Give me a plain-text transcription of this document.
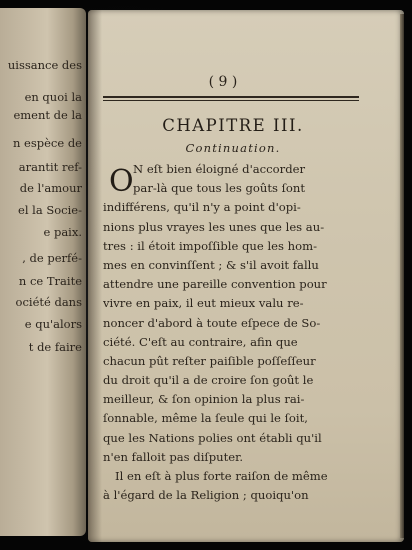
uissance des
en quoi la
ement de la
n espèce de
arantit ref-
de l'amour
el la Socie-
e paix.
, de perfé-
n ce Traite
ociété dans
e qu'alors
t de faire
( 9 )
CHAPITRE III.
Continuation.
O N eſt bien éloigné d'accorder
par-là que tous les goûts ſont
indifférens, qu'il n'y a point d'opi-
nions plus vrayes les unes que les au-
tres : il étoit impoſſible que les hom-
mes en convinſſent ; & s'il avoit fallu
attendre une pareille convention pour
vivre en paix, il eut mieux valu re-
noncer d'abord à toute eſpece de So-
ciété. C'eſt au contraire, afin que
chacun pût reſter paiſible poſſeſſeur
du droit qu'il a de croire ſon goût le
meilleur, & ſon opinion la plus rai-
ſonnable, même la ſeule qui le ſoit,
que les Nations polies ont établi qu'il
n'en falloit pas diſputer.
Il en eſt à plus forte raiſon de même
à l'égard de la Religion ; quoiqu'on
